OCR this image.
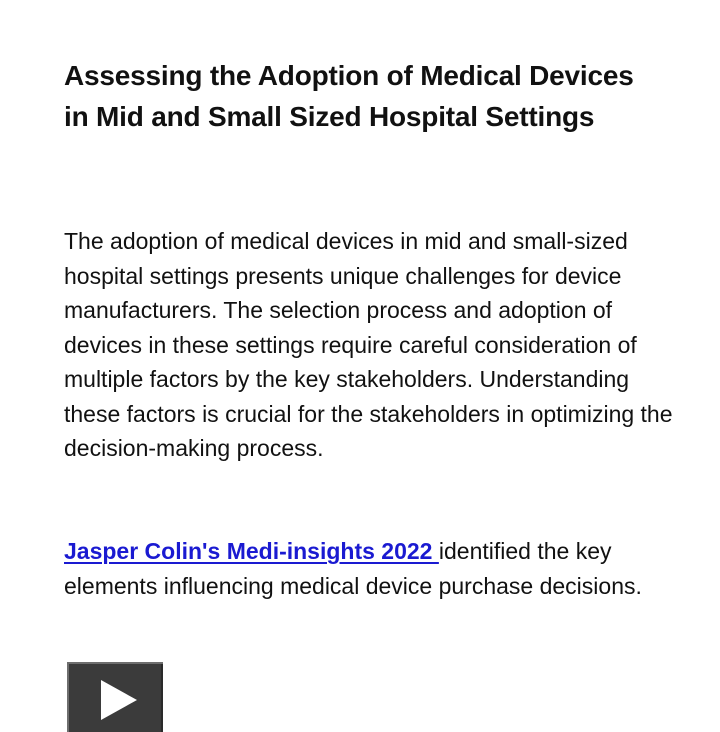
Assessing the Adoption of Medical Devices in Mid and Small Sized Hospital Settings

The adoption of medical devices in mid and small-sized hospital settings presents unique challenges for device manufacturers. The selection process and adoption of devices in these settings require careful consideration of multiple factors by the key stakeholders. Understanding these factors is crucial for the stakeholders in optimizing the decision-making process.

Jasper Colin's Medi-insights 2022 identified the key elements influencing medical device purchase decisions.
